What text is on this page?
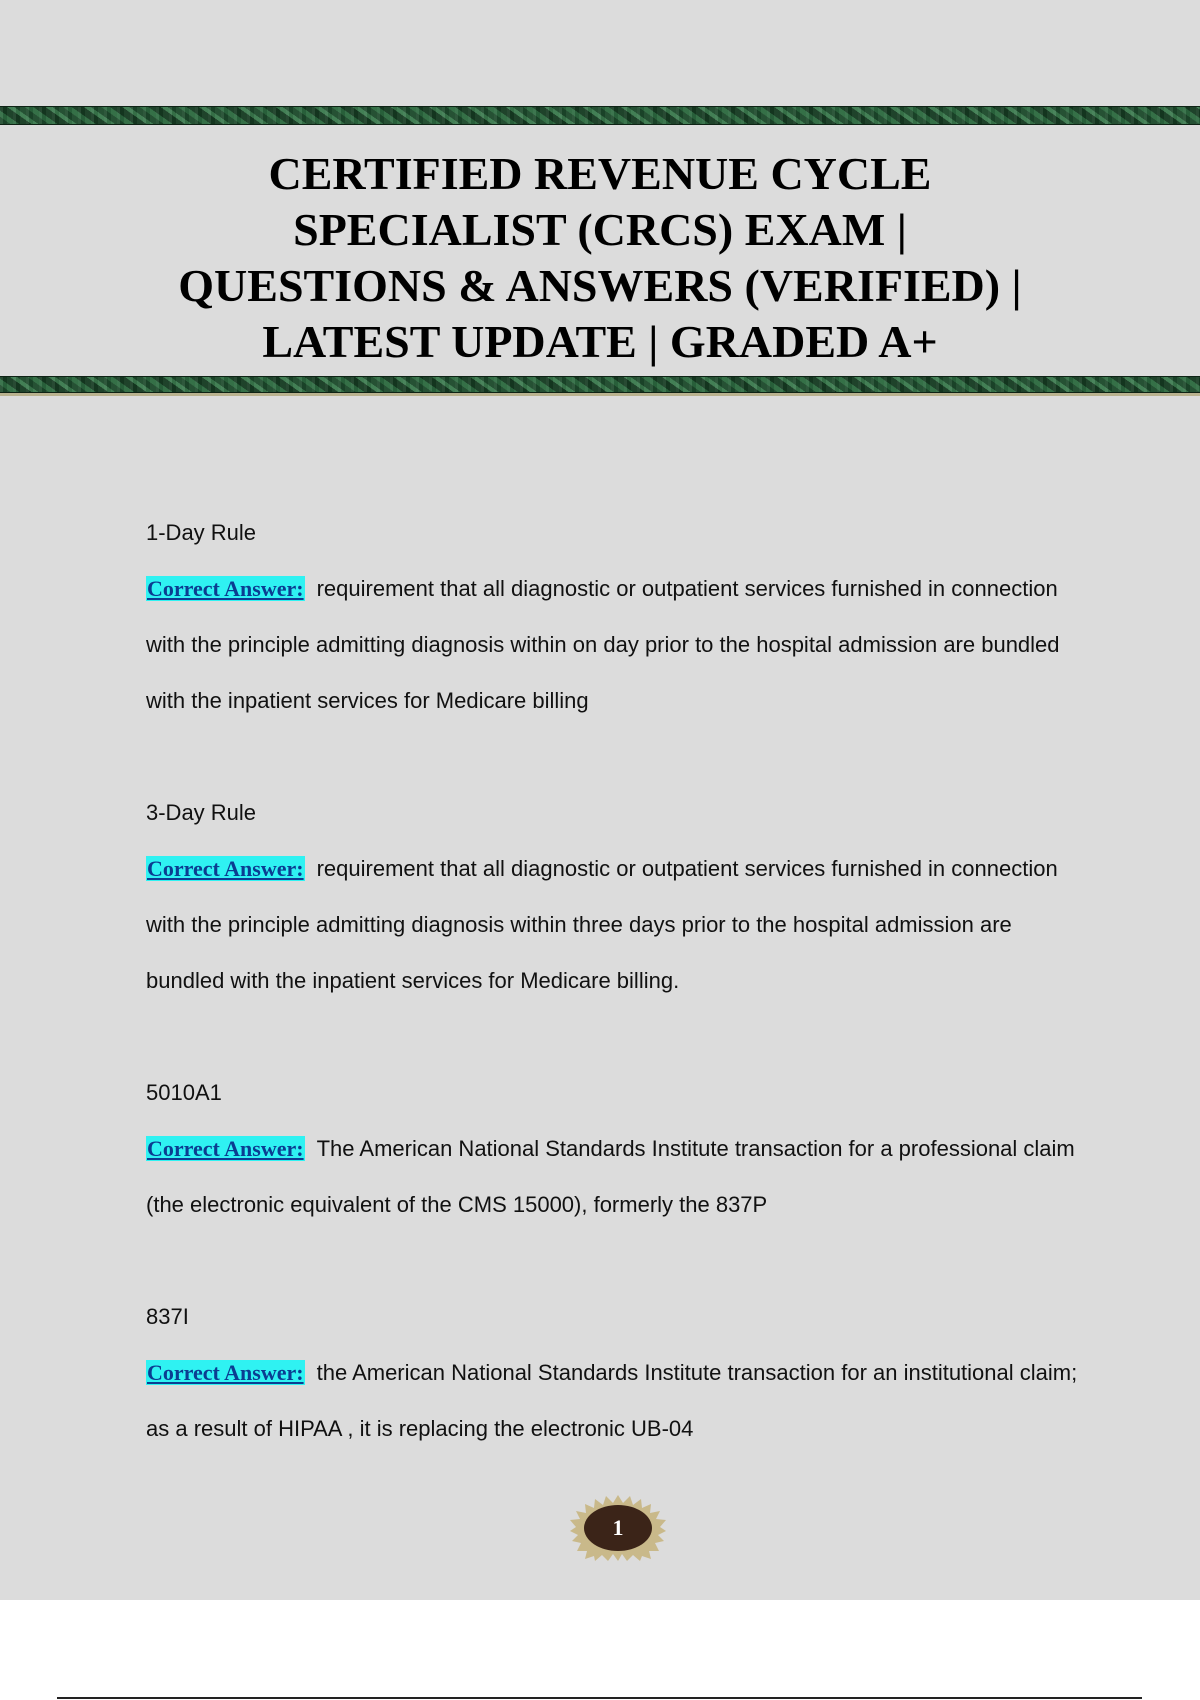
CERTIFIED REVENUE CYCLE
SPECIALIST (CRCS) EXAM |
QUESTIONS & ANSWERS (VERIFIED) |
LATEST UPDATE | GRADED A+

1-Day Rule

Correct Answer: requirement that all diagnostic or outpatient services furnished in connection with the principle admitting diagnosis within on day prior to the hospital admission are bundled with the inpatient services for Medicare billing

3-Day Rule

Correct Answer: requirement that all diagnostic or outpatient services furnished in connection with the principle admitting diagnosis within three days prior to the hospital admission are bundled with the inpatient services for Medicare billing.

5010A1

Correct Answer: The American National Standards Institute transaction for a professional claim (the electronic equivalent of the CMS 15000), formerly the 837P

837I

Correct Answer: the American National Standards Institute transaction for an institutional claim; as a result of HIPAA , it is replacing the electronic UB-04

1
